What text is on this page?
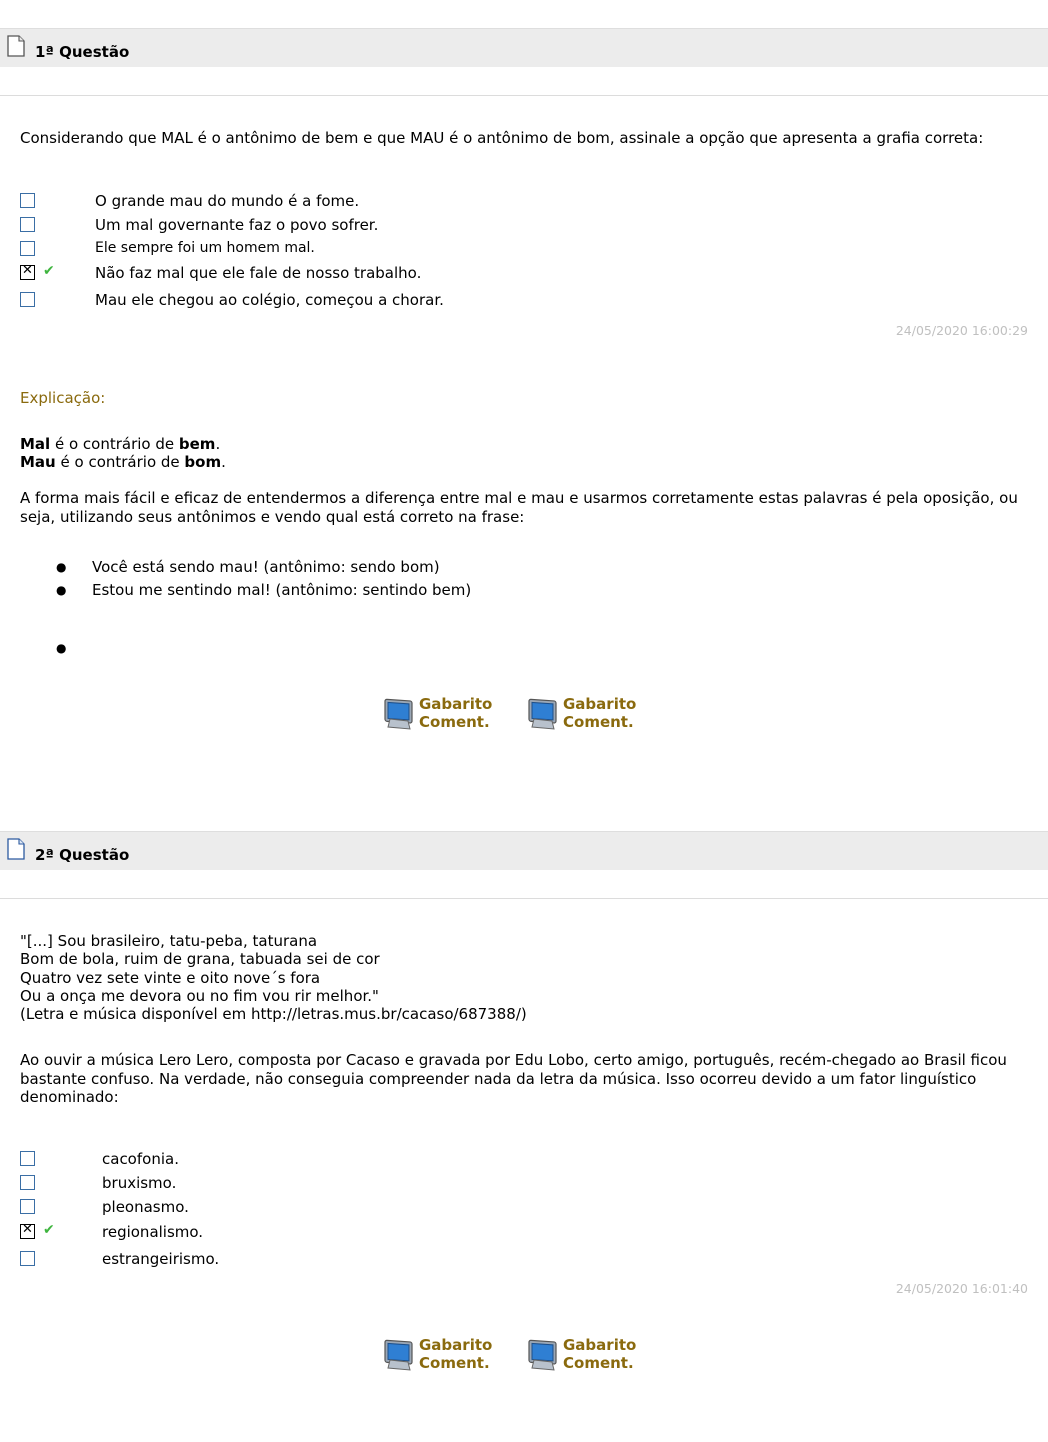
1ª Questão
Considerando que MAL é o antônimo de bem e que MAU é o antônimo de bom, assinale a opção que apresenta a grafia correta:
O grande mau do mundo é a fome.
Um mal governante faz o povo sofrer.
Ele sempre foi um homem mal.
✕
✔	Não faz mal que ele fale de nosso trabalho.
Mau ele chegou ao colégio, começou a chorar.
24/05/2020 16:00:29
Explicação:
Mal é o contrário de bem.
Mau é o contrário de bom.
A forma mais fácil e eficaz de entendermos a diferença entre mal e mau e usarmos corretamente estas palavras é pela oposição, ou seja, utilizando seus antônimos e vendo qual está correto na frase:
● Você está sendo mau! (antônimo: sendo bom)
● Estou me sentindo mal! (antônimo: sentindo bem)
●
Gabarito
Coment.
Gabarito
Coment.
2ª Questão
"[...] Sou brasileiro, tatu-peba, taturana
Bom de bola, ruim de grana, tabuada sei de cor
Quatro vez sete vinte e oito nove´s fora
Ou a onça me devora ou no fim vou rir melhor."
(Letra e música disponível em http://letras.mus.br/cacaso/687388/)
Ao ouvir a música Lero Lero, composta por Cacaso e gravada por Edu Lobo, certo amigo, português, recém-chegado ao Brasil ficou bastante confuso. Na verdade, não conseguia compreender nada da letra da música. Isso ocorreu devido a um fator linguístico denominado:
cacofonia.
bruxismo.
pleonasmo.
✕
✔	regionalismo.
estrangeirismo.
24/05/2020 16:01:40
Gabarito
Coment.
Gabarito
Coment.
